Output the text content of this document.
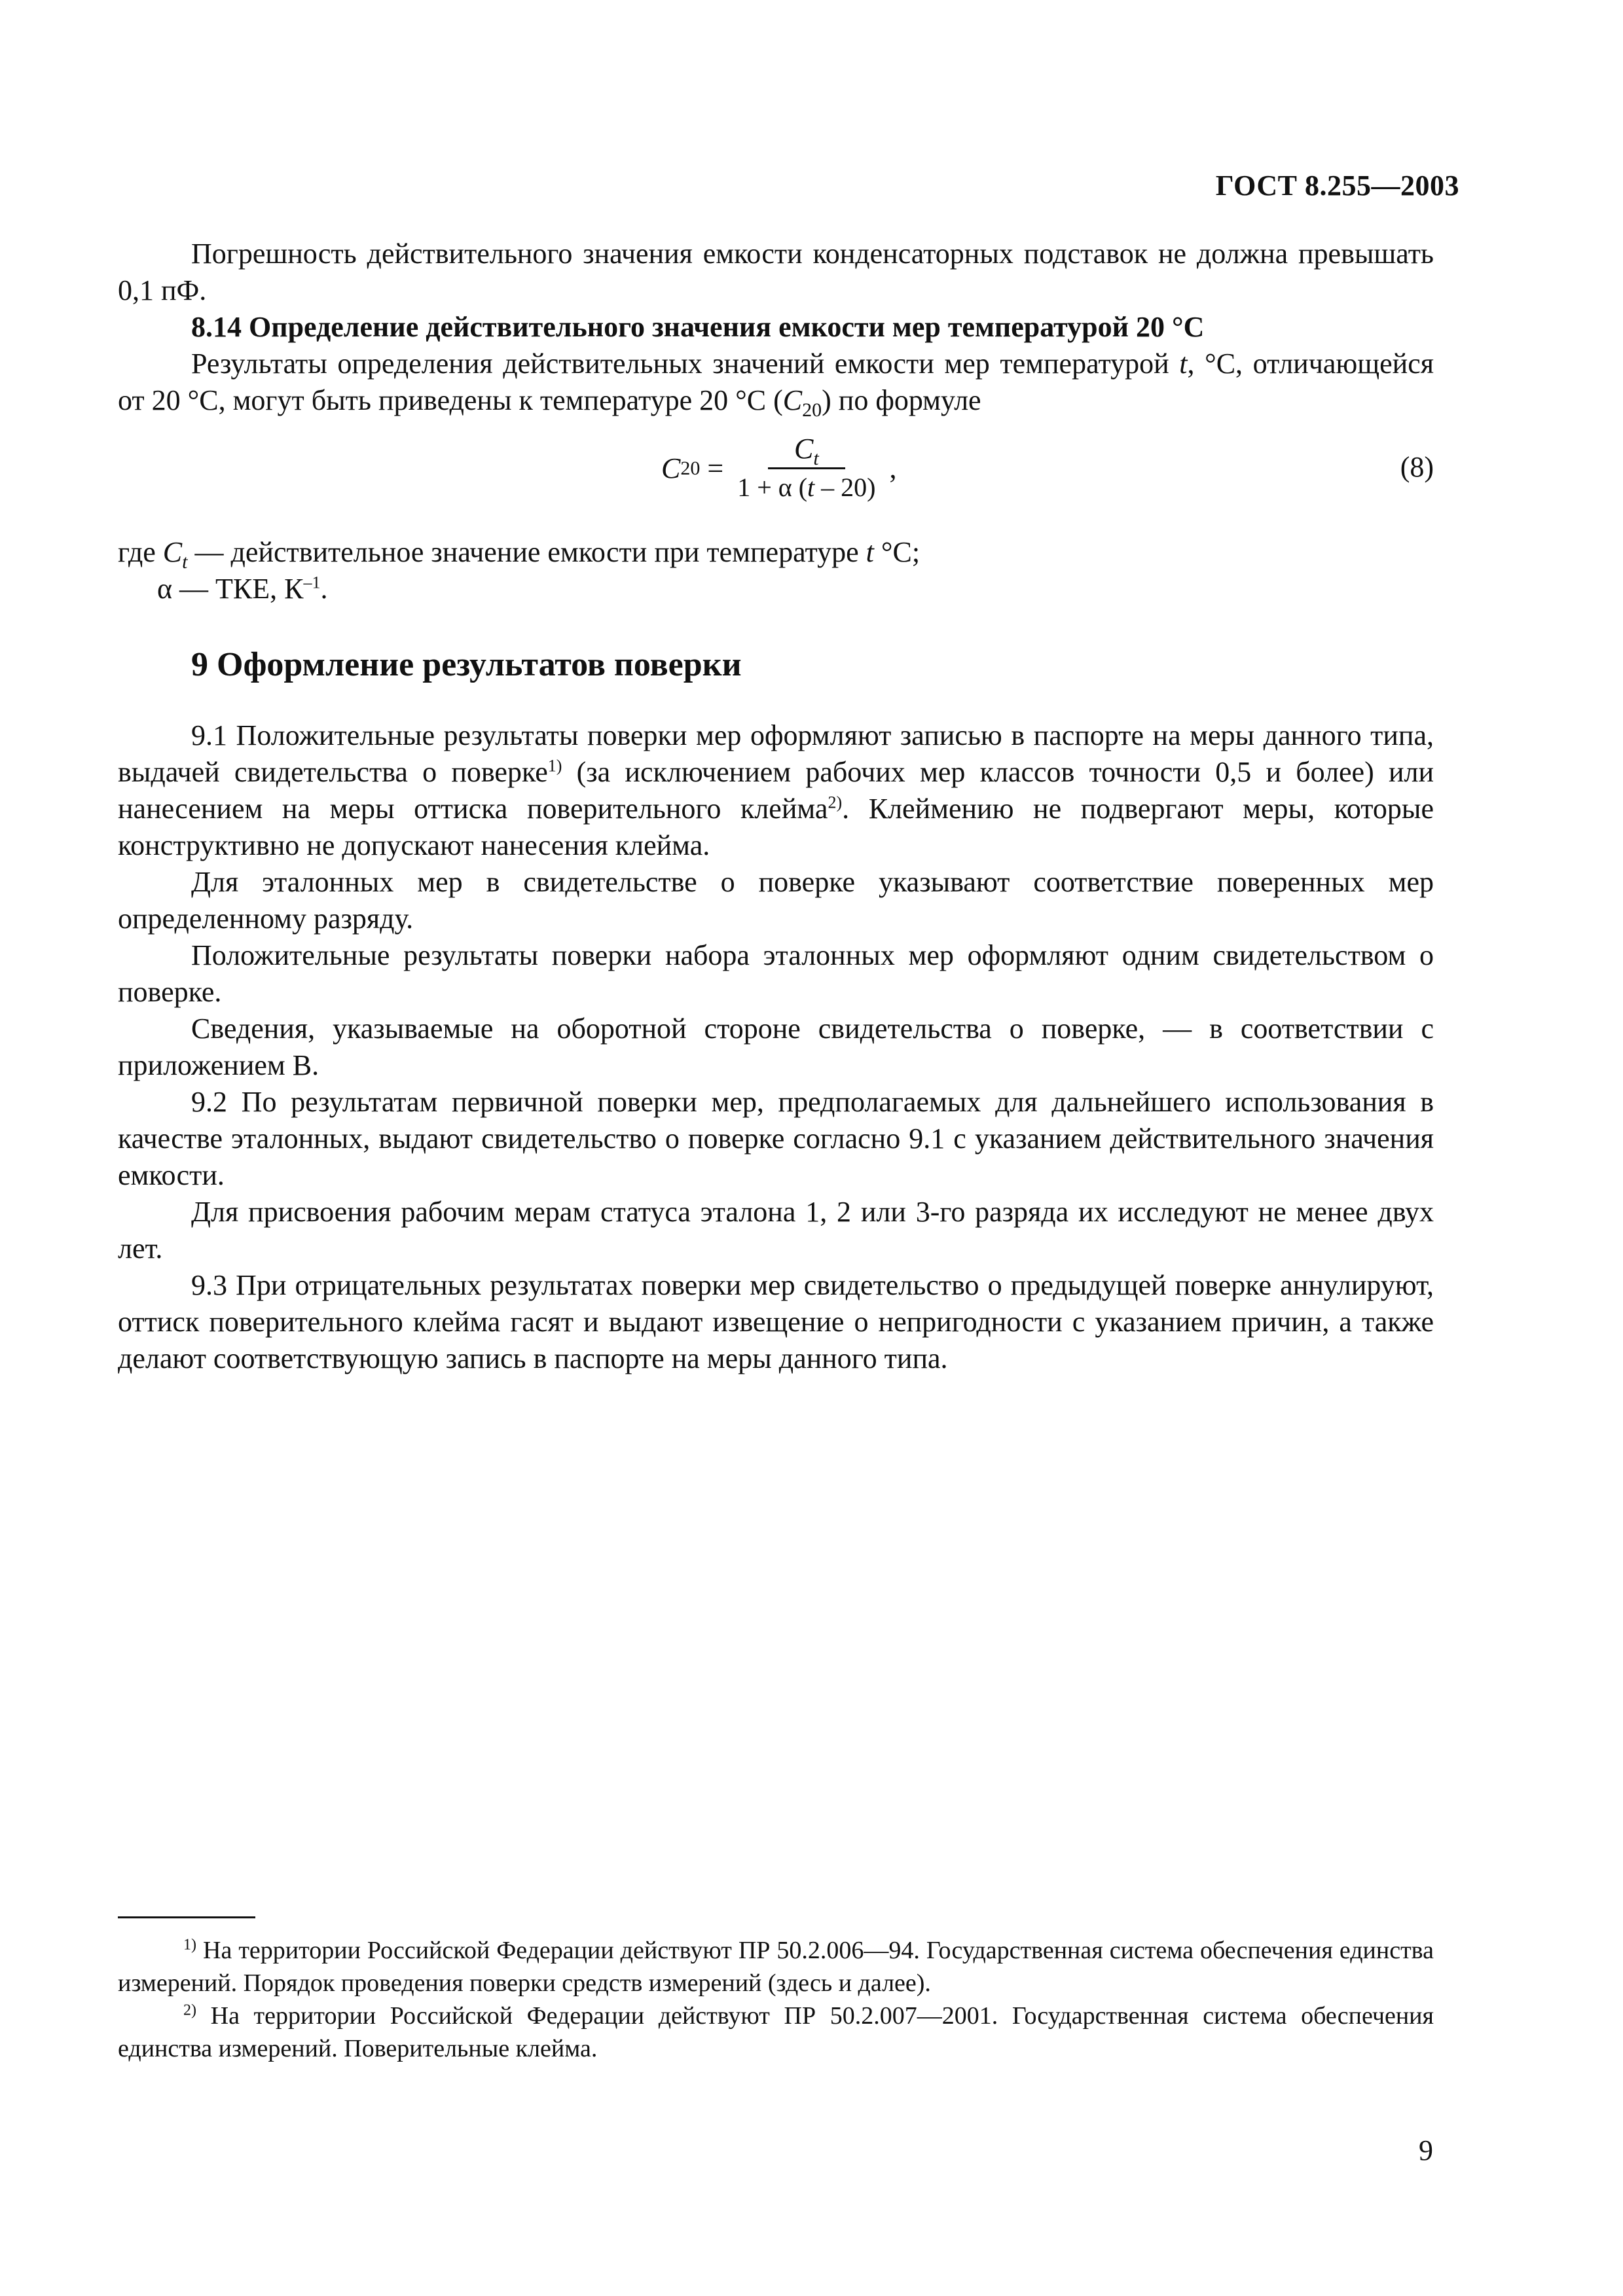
ГОСТ 8.255—2003

Погрешность действительного значения емкости конденсаторных подставок не должна превышать 0,1 пФ.

8.14 Определение действительного значения емкости мер температурой 20 °С

Результаты определения действительных значений емкости мер температурой t, °С, отличающейся от 20 °С, могут быть приведены к температуре 20 °С $(C_{20})$ по формуле

C $20 = \frac{C_t}{1 + \alpha (t - 20)}$ ,	(8)

где $C_t$ — действительное значение емкости при температуре t °С;

α — ТКЕ, $К^{-1}$.

9 Оформление результатов поверки

9.1 Положительные результаты поверки мер оформляют записью в паспорте на меры данного типа, выдачей свидетельства о поверке$^{1)}$ (за исключением рабочих мер классов точности 0,5 и более) или нанесением на меры оттиска поверительного клейма$^{2)}$. Клеймению не подвергают меры, которые конструктивно не допускают нанесения клейма.

Для эталонных мер в свидетельстве о поверке указывают соответствие поверенных мер определенному разряду.

Положительные результаты поверки набора эталонных мер оформляют одним свидетельством о поверке.

Сведения, указываемые на оборотной стороне свидетельства о поверке, — в соответствии с приложением В.

9.2 По результатам первичной поверки мер, предполагаемых для дальнейшего использования в качестве эталонных, выдают свидетельство о поверке согласно 9.1 с указанием действительного значения емкости.

Для присвоения рабочим мерам статуса эталона 1, 2 или 3-го разряда их исследуют не менее двух лет.

9.3 При отрицательных результатах поверки мер свидетельство о предыдущей поверке аннулируют, оттиск поверительного клейма гасят и выдают извещение о непригодности с указанием причин, а также делают соответствующую запись в паспорте на меры данного типа.

$^{1)}$ На территории Российской Федерации действуют ПР 50.2.006—94. Государственная система обеспечения единства измерений. Порядок проведения поверки средств измерений (здесь и далее).

$^{2)}$ На территории Российской Федерации действуют ПР 50.2.007—2001. Государственная система обеспечения единства измерений. Поверительные клейма.

9
